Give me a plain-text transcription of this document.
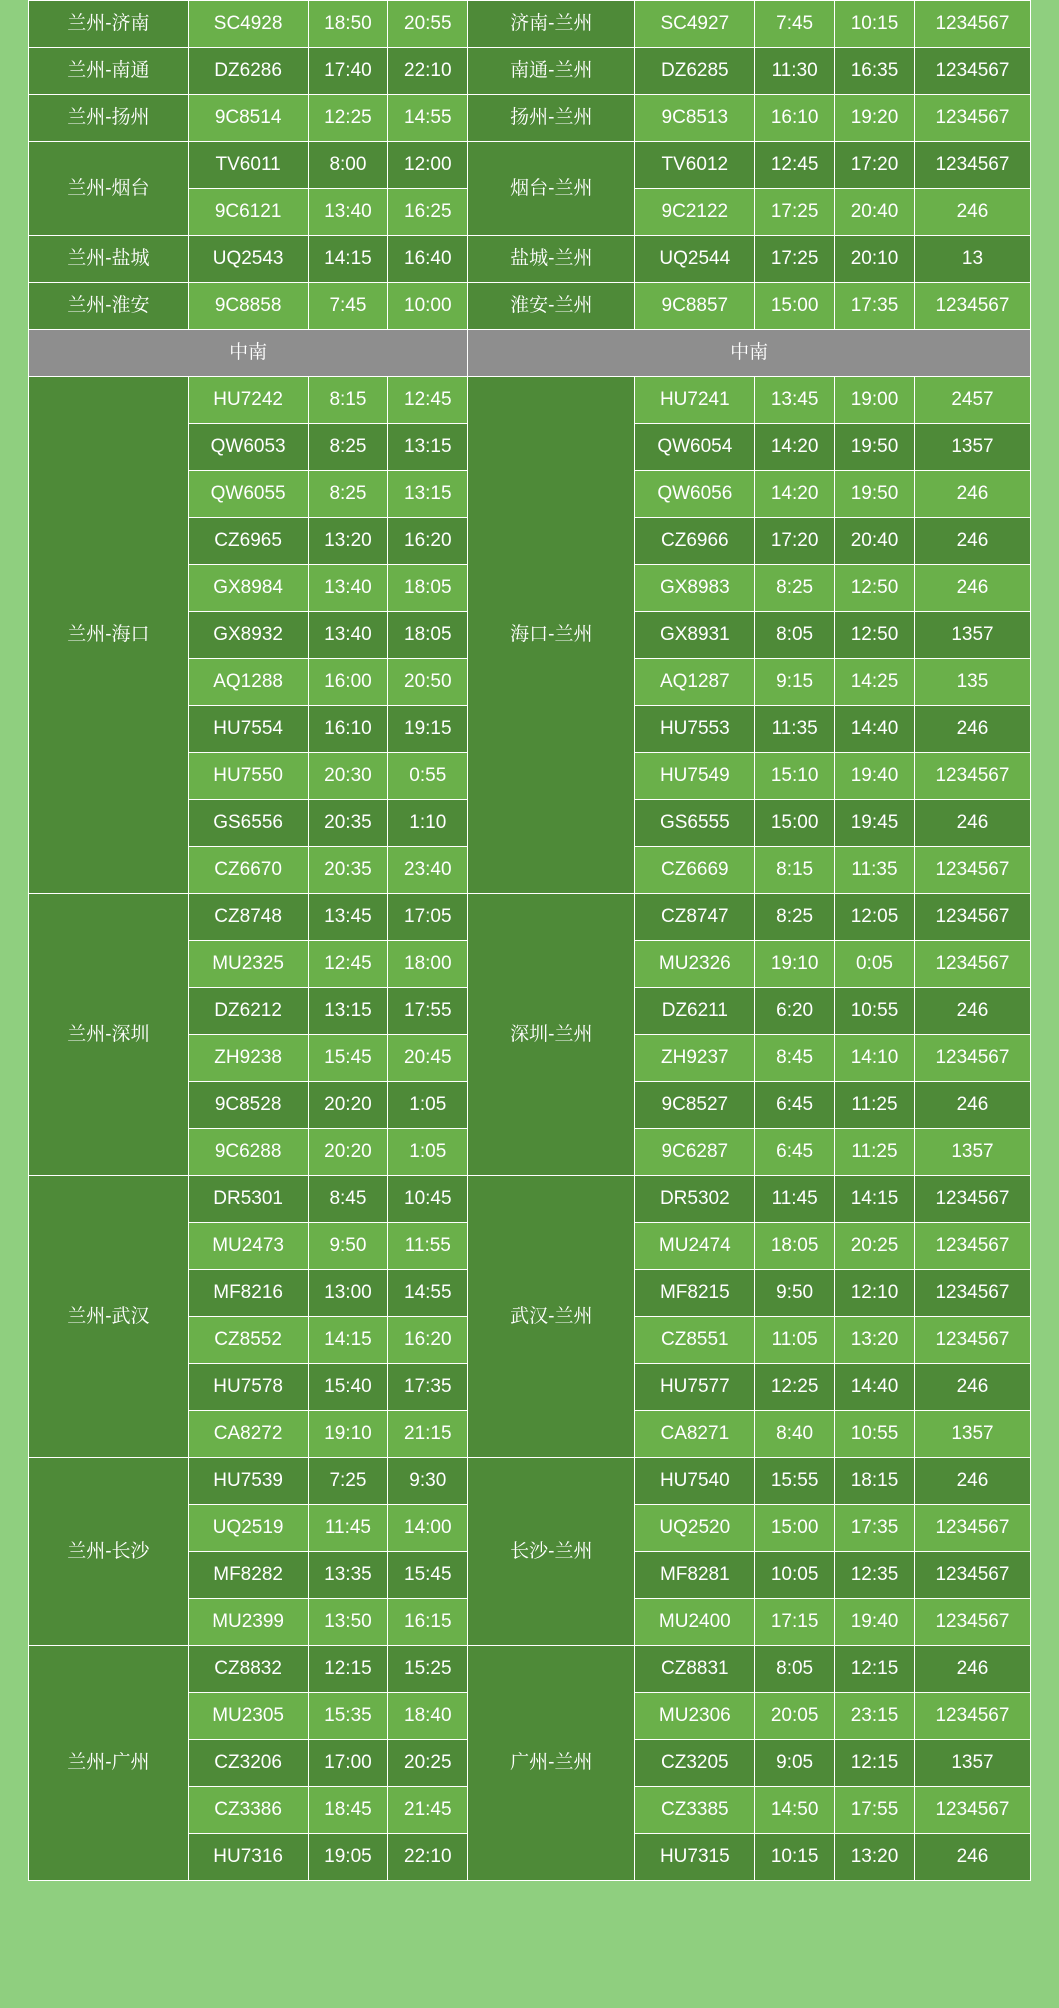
兰州-济南	SC4928	18:50	20:55	济南-兰州	SC4927	7:45	10:15	1234567
兰州-南通	DZ6286	17:40	22:10	南通-兰州	DZ6285	11:30	16:35	1234567
兰州-扬州	9C8514	12:25	14:55	扬州-兰州	9C8513	16:10	19:20	1234567
兰州-烟台	TV6011	8:00	12:00	烟台-兰州	TV6012	12:45	17:20	1234567
	9C6121	13:40	16:25		9C2122	17:25	20:40	246
兰州-盐城	UQ2543	14:15	16:40	盐城-兰州	UQ2544	17:25	20:10	13
兰州-淮安	9C8858	7:45	10:00	淮安-兰州	9C8857	15:00	17:35	1234567
中南				中南				
兰州-海口	HU7242	8:15	12:45	海口-兰州	HU7241	13:45	19:00	2457
	QW6053	8:25	13:15		QW6054	14:20	19:50	1357
	QW6055	8:25	13:15		QW6056	14:20	19:50	246
	CZ6965	13:20	16:20		CZ6966	17:20	20:40	246
	GX8984	13:40	18:05		GX8983	8:25	12:50	246
	GX8932	13:40	18:05		GX8931	8:05	12:50	1357
	AQ1288	16:00	20:50		AQ1287	9:15	14:25	135
	HU7554	16:10	19:15		HU7553	11:35	14:40	246
	HU7550	20:30	0:55		HU7549	15:10	19:40	1234567
	GS6556	20:35	1:10		GS6555	15:00	19:45	246
	CZ6670	20:35	23:40		CZ6669	8:15	11:35	1234567
兰州-深圳	CZ8748	13:45	17:05	深圳-兰州	CZ8747	8:25	12:05	1234567
	MU2325	12:45	18:00		MU2326	19:10	0:05	1234567
	DZ6212	13:15	17:55		DZ6211	6:20	10:55	246
	ZH9238	15:45	20:45		ZH9237	8:45	14:10	1234567
	9C8528	20:20	1:05		9C8527	6:45	11:25	246
	9C6288	20:20	1:05		9C6287	6:45	11:25	1357
兰州-武汉	DR5301	8:45	10:45	武汉-兰州	DR5302	11:45	14:15	1234567
	MU2473	9:50	11:55		MU2474	18:05	20:25	1234567
	MF8216	13:00	14:55		MF8215	9:50	12:10	1234567
	CZ8552	14:15	16:20		CZ8551	11:05	13:20	1234567
	HU7578	15:40	17:35		HU7577	12:25	14:40	246
	CA8272	19:10	21:15		CA8271	8:40	10:55	1357
兰州-长沙	HU7539	7:25	9:30	长沙-兰州	HU7540	15:55	18:15	246
	UQ2519	11:45	14:00		UQ2520	15:00	17:35	1234567
	MF8282	13:35	15:45		MF8281	10:05	12:35	1234567
	MU2399	13:50	16:15		MU2400	17:15	19:40	1234567
兰州-广州	CZ8832	12:15	15:25	广州-兰州	CZ8831	8:05	12:15	246
	MU2305	15:35	18:40		MU2306	20:05	23:15	1234567
	CZ3206	17:00	20:25		CZ3205	9:05	12:15	1357
	CZ3386	18:45	21:45		CZ3385	14:50	17:55	1234567
	HU7316	19:05	22:10		HU7315	10:15	13:20	246
